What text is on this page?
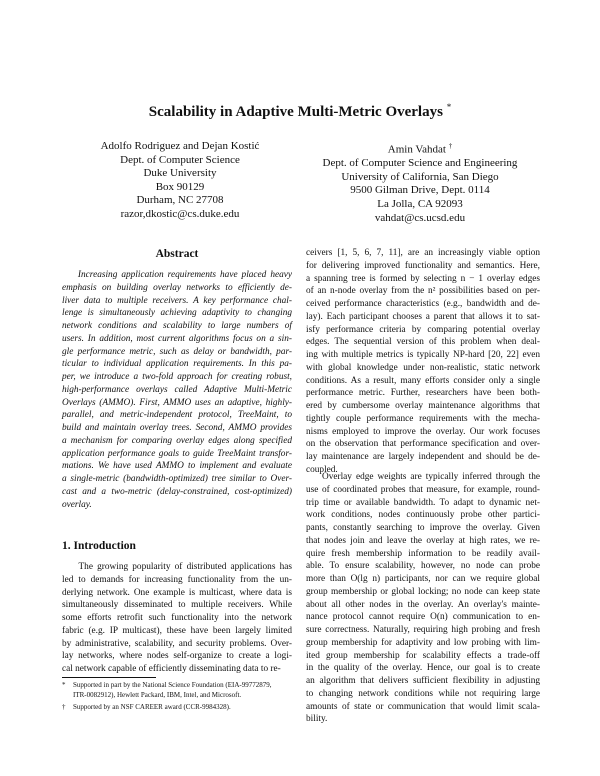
Scalability in Adaptive Multi-Metric Overlays *
Adolfo Rodriguez and Dejan Kostić
Dept. of Computer Science
Duke University
Box 90129
Durham, NC 27708
razor,dkostic@cs.duke.edu
Amin Vahdat †
Dept. of Computer Science and Engineering
University of California, San Diego
9500 Gilman Drive, Dept. 0114
La Jolla, CA 92093
vahdat@cs.ucsd.edu
Abstract
Increasing application requirements have placed heavy
emphasis on building overlay networks to efficiently de-
liver data to multiple receivers. A key performance chal-
lenge is simultaneously achieving adaptivity to changing
network conditions and scalability to large numbers of
users. In addition, most current algorithms focus on a sin-
gle performance metric, such as delay or bandwidth, par-
ticular to individual application requirements. In this pa-
per, we introduce a two-fold approach for creating robust,
high-performance overlays called Adaptive Multi-Metric
Overlays (AMMO). First, AMMO uses an adaptive, highly-
parallel, and metric-independent protocol, TreeMaint, to
build and maintain overlay trees. Second, AMMO provides
a mechanism for comparing overlay edges along specified
application performance goals to guide TreeMaint transfor-
mations. We have used AMMO to implement and evaluate
a single-metric (bandwidth-optimized) tree similar to Over-
cast and a two-metric (delay-constrained, cost-optimized)
overlay.
1. Introduction
The growing popularity of distributed applications has
led to demands for increasing functionality from the un-
derlying network. One example is multicast, where data is
simultaneously disseminated to multiple receivers. While
some efforts retrofit such functionality into the network
fabric (e.g. IP multicast), these have been largely limited
by administrative, scalability, and security problems. Over-
lay networks, where nodes self-organize to create a logi-
cal network capable of efficiently disseminating data to re-
ceivers [1, 5, 6, 7, 11], are an increasingly viable option
for delivering improved functionality and semantics. Here,
a spanning tree is formed by selecting n − 1 overlay edges
of an n-node overlay from the n² possibilities based on per-
ceived performance characteristics (e.g., bandwidth and de-
lay). Each participant chooses a parent that allows it to sat-
isfy performance criteria by comparing potential overlay
edges. The sequential version of this problem when deal-
ing with multiple metrics is typically NP-hard [20, 22] even
with global knowledge under non-realistic, static network
conditions. As a result, many efforts consider only a single
performance metric. Further, researchers have been both-
ered by cumbersome overlay maintenance algorithms that
tightly couple performance requirements with the mecha-
nisms employed to improve the overlay. Our work focuses
on the observation that performance specification and over-
lay maintenance are largely independent and should be de-
coupled.
Overlay edge weights are typically inferred through the
use of coordinated probes that measure, for example, round-
trip time or available bandwidth. To adapt to dynamic net-
work conditions, nodes continuously probe other partici-
pants, constantly searching to improve the overlay. Given
that nodes join and leave the overlay at high rates, we re-
quire fresh membership information to be readily avail-
able. To ensure scalability, however, no node can probe
more than O(lg n) participants, nor can we require global
group membership or global locking; no node can keep state
about all other nodes in the overlay. An overlay's mainte-
nance protocol cannot require O(n) communication to en-
sure correctness. Naturally, requiring high probing and fresh
group membership for adaptivity and low probing with lim-
ited group membership for scalability effects a trade-off
in the quality of the overlay. Hence, our goal is to create
an algorithm that delivers sufficient flexibility in adjusting
to changing network conditions while not requiring large
amounts of state or communication that would limit scala-
bility.
* Supported in part by the National Science Foundation (EIA-99772879,
ITR-0082912), Hewlett Packard, IBM, Intel, and Microsoft.
† Supported by an NSF CAREER award (CCR-9984328).
